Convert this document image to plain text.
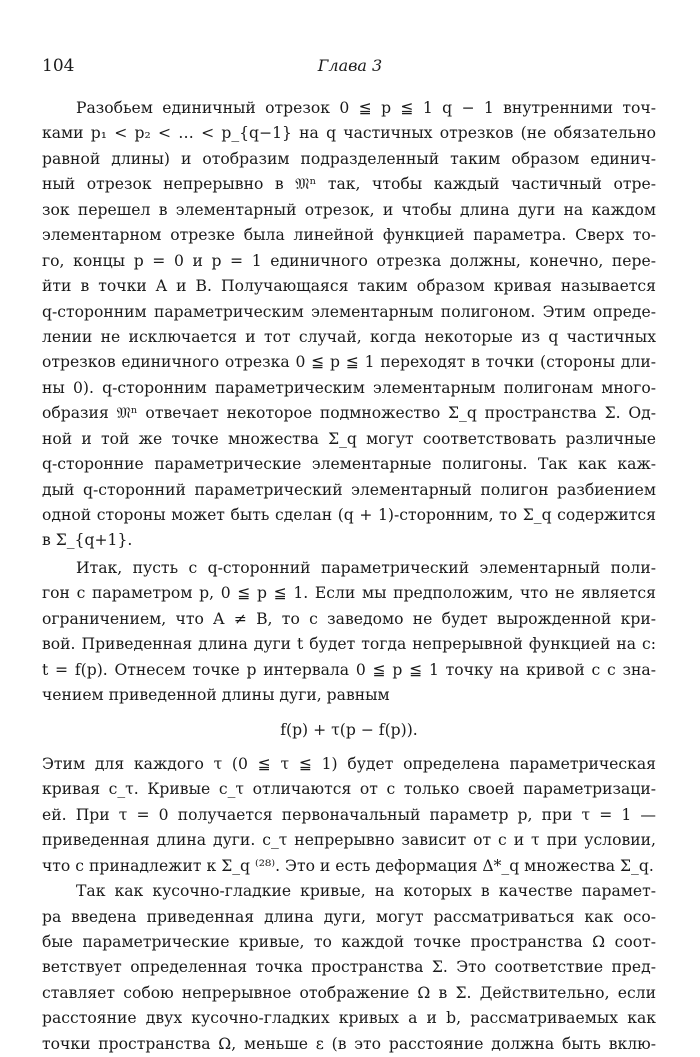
104	Глава 3
Разобьем единичный отрезок 0 ≦ p ≦ 1 q − 1 внутренними точ-
ками p₁ < p₂ < … < p_{q−1} на q частичных отрезков (не обязательно
равной длины) и отобразим подразделенный таким образом единич-
ный отрезок непрерывно в 𝔐ⁿ так, чтобы каждый частичный отре-
зок перешел в элементарный отрезок, и чтобы длина дуги на каждом
элементарном отрезке была линейной функцией параметра. Сверх то-
го, концы p = 0 и p = 1 единичного отрезка должны, конечно, пере-
йти в точки A и B. Получающаяся таким образом кривая называется
q-сторонним параметрическим элементарным полигоном. Этим опреде-
лении не исключается и тот случай, когда некоторые из q частичных
отрезков единичного отрезка 0 ≦ p ≦ 1 переходят в точки (стороны дли-
ны 0). q-сторонним параметрическим элементарным полигонам много-
образия 𝔐ⁿ отвечает некоторое подмножество Σ_q пространства Σ. Од-
ной и той же точке множества Σ_q могут соответствовать различные
q-сторонние параметрические элементарные полигоны. Так как каж-
дый q-сторонний параметрический элементарный полигон разбиением
одной стороны может быть сделан (q + 1)-сторонним, то Σ_q содержится
в Σ_{q+1}.
Итак, пусть c q-сторонний параметрический элементарный поли-
гон с параметром p, 0 ≦ p ≦ 1. Если мы предположим, что не является
ограничением, что A ≠ B, то c заведомо не будет вырожденной кри-
вой. Приведенная длина дуги t будет тогда непрерывной функцией на c:
t = f(p). Отнесем точке p интервала 0 ≦ p ≦ 1 точку на кривой c с зна-
чением приведенной длины дуги, равным
f(p) + τ(p − f(p)).
Этим для каждого τ (0 ≦ τ ≦ 1) будет определена параметрическая
кривая c_τ. Кривые c_τ отличаются от c только своей параметризаци-
ей. При τ = 0 получается первоначальный параметр p, при τ = 1 —
приведенная длина дуги. c_τ непрерывно зависит от c и τ при условии,
что c принадлежит к Σ_q ⁽²⁸⁾. Это и есть деформация Δ*_q множества Σ_q.
Так как кусочно-гладкие кривые, на которых в качестве парамет-
ра введена приведенная длина дуги, могут рассматриваться как осо-
бые параметрические кривые, то каждой точке пространства Ω соот-
ветствует определенная точка пространства Σ. Это соответствие пред-
ставляет собою непрерывное отображение Ω в Σ. Действительно, если
расстояние двух кусочно-гладких кривых a и b, рассматриваемых как
точки пространства Ω, меньше ε (в это расстояние должна быть вклю-
